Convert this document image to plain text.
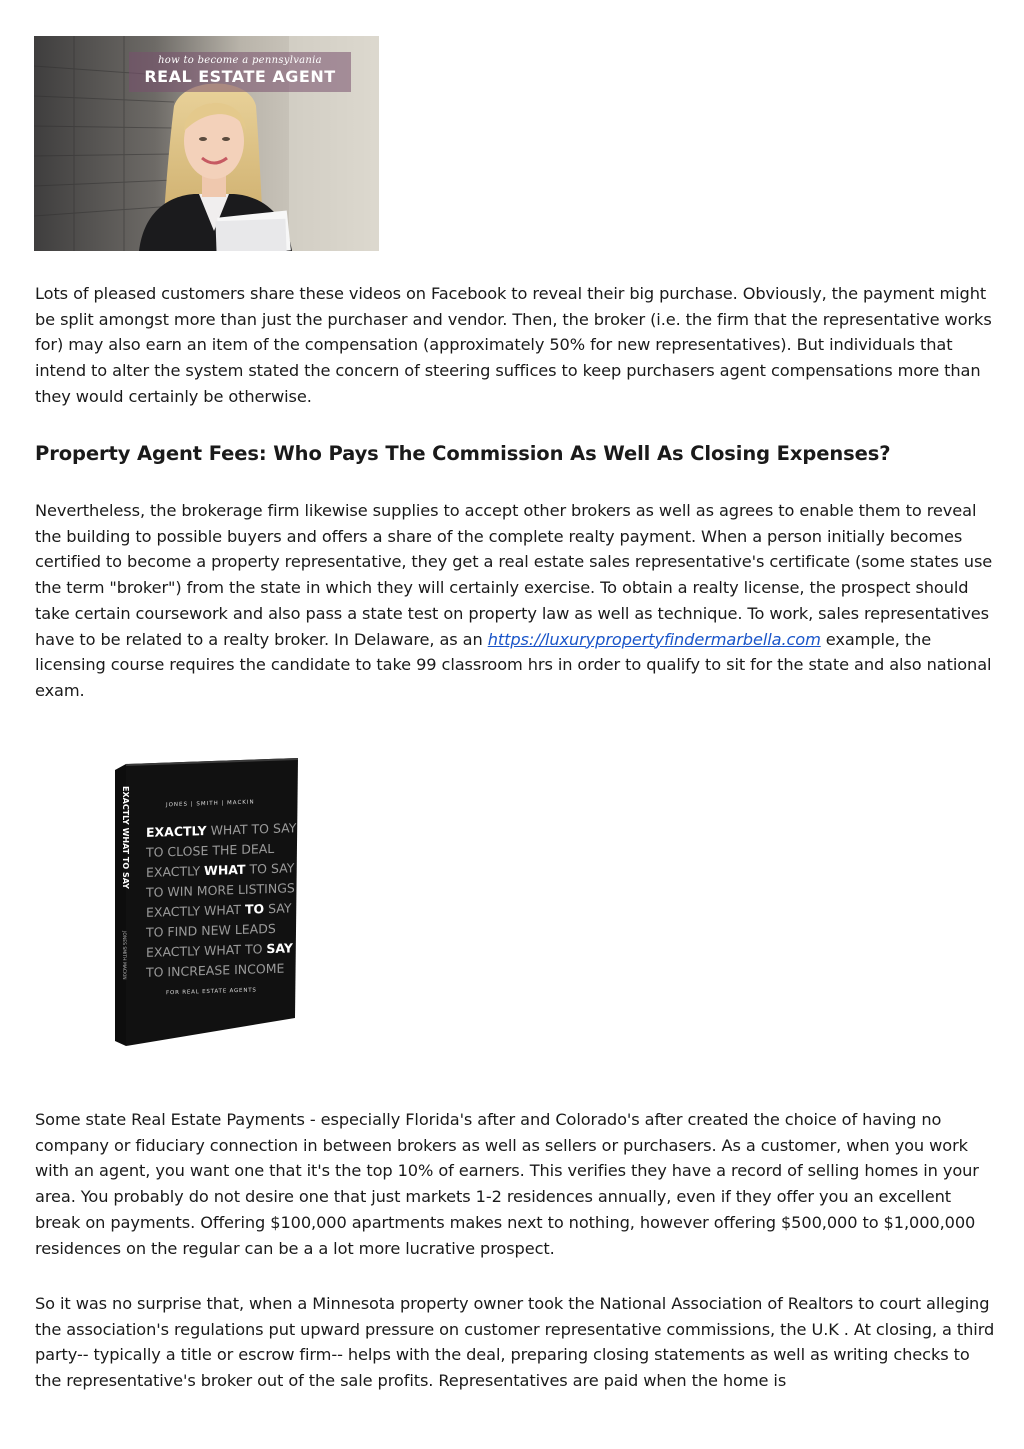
how to become a pennsylvania
REAL ESTATE AGENT

Lots of pleased customers share these videos on Facebook to reveal their big purchase. Obviously, the payment might be split amongst more than just the purchaser and vendor. Then, the broker (i.e. the firm that the representative works for) may also earn an item of the compensation (approximately 50% for new representatives). But individuals that intend to alter the system stated the concern of steering suffices to keep purchasers agent compensations more than they would certainly be otherwise.

Property Agent Fees: Who Pays The Commission As Well As Closing Expenses?

Nevertheless, the brokerage firm likewise supplies to accept other brokers as well as agrees to enable them to reveal the building to possible buyers and offers a share of the complete realty payment. When a person initially becomes certified to become a property representative, they get a real estate sales representative's certificate (some states use the term "broker") from the state in which they will certainly exercise. To obtain a realty license, the prospect should take certain coursework and also pass a state test on property law as well as technique. To work, sales representatives have to be related to a realty broker. In Delaware, as an https://luxurypropertyfindermarbella.com example, the licensing course requires the candidate to take 99 classroom hrs in order to qualify to sit for the state and also national exam.

EXACTLY WHAT TO SAY
JONES SMITH MACKIN
JONES | SMITH | MACKIN
EXACTLY WHAT TO SAY
TO CLOSE THE DEAL
EXACTLY WHAT TO SAY
TO WIN MORE LISTINGS
EXACTLY WHAT TO SAY
TO FIND NEW LEADS
EXACTLY WHAT TO SAY
TO INCREASE INCOME
FOR REAL ESTATE AGENTS

Some state Real Estate Payments - especially Florida's after and Colorado's after created the choice of having no company or fiduciary connection in between brokers as well as sellers or purchasers. As a customer, when you work with an agent, you want one that it's the top 10% of earners. This verifies they have a record of selling homes in your area. You probably do not desire one that just markets 1-2 residences annually, even if they offer you an excellent break on payments. Offering $100,000 apartments makes next to nothing, however offering $500,000 to $1,000,000 residences on the regular can be a a lot more lucrative prospect.

So it was no surprise that, when a Minnesota property owner took the National Association of Realtors to court alleging the association's regulations put upward pressure on customer representative commissions, the U.K . At closing, a third party-- typically a title or escrow firm-- helps with the deal, preparing closing statements as well as writing checks to the representative's broker out of the sale profits. Representatives are paid when the home is
